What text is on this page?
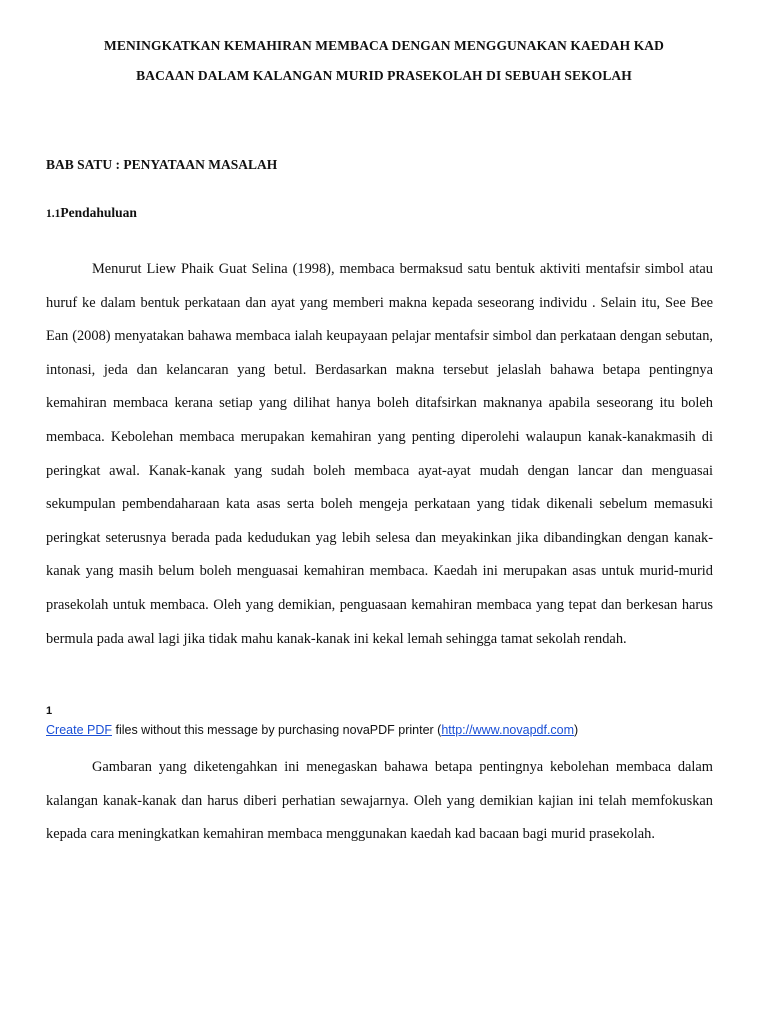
MENINGKATKAN KEMAHIRAN MEMBACA DENGAN MENGGUNAKAN KAEDAH KAD
BACAAN DALAM KALANGAN MURID PRASEKOLAH DI SEBUAH SEKOLAH
BAB SATU : PENYATAAN MASALAH
1.1Pendahuluan

Menurut Liew Phaik Guat Selina (1998), membaca bermaksud satu bentuk aktiviti mentafsir simbol atau huruf ke dalam bentuk perkataan dan ayat yang memberi makna kepada seseorang individu . Selain itu, See Bee Ean (2008) menyatakan bahawa membaca ialah keupayaan pelajar mentafsir simbol dan perkataan dengan sebutan, intonasi, jeda dan kelancaran yang betul. Berdasarkan makna tersebut jelaslah bahawa betapa pentingnya kemahiran membaca kerana setiap yang dilihat hanya boleh ditafsirkan maknanya apabila seseorang itu boleh membaca. Kebolehan membaca merupakan kemahiran yang penting diperolehi walaupun kanak-kanakmasih di peringkat awal. Kanak-kanak yang sudah boleh membaca ayat-ayat mudah dengan lancar dan menguasai sekumpulan pembendaharaan kata asas serta boleh mengeja perkataan yang tidak dikenali sebelum memasuki peringkat seterusnya berada pada kedudukan yag lebih selesa dan meyakinkan jika dibandingkan dengan kanak-kanak yang masih belum boleh menguasai kemahiran membaca. Kaedah ini merupakan asas untuk murid-murid prasekolah untuk membaca. Oleh yang demikian, penguasaan kemahiran membaca yang tepat dan berkesan harus bermula pada awal lagi jika tidak mahu kanak-kanak ini kekal lemah sehingga tamat sekolah rendah.

1
Create PDF files without this message by purchasing novaPDF printer (http://www.novapdf.com)

Gambaran yang diketengahkan ini menegaskan bahawa betapa pentingnya kebolehan membaca dalam kalangan kanak-kanak dan harus diberi perhatian sewajarnya. Oleh yang demikian kajian ini telah memfokuskan kepada cara meningkatkan kemahiran membaca menggunakan kaedah kad bacaan bagi murid prasekolah.
